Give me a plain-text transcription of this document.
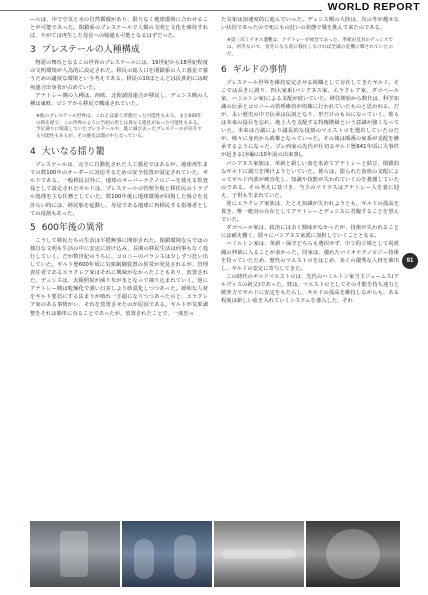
WORLD REPORT

ールは、中で空気と水の自然循環があり、限りなく地球環境に合わせることが可能であった。閉鎖系のプレステールで人類の文明と文化を維持すれば、やがては再生した母星への帰還も可能となるはずだった。

3 プレステールの人種構成

物語の舞台となるこの世界のプレステールには、16世紀から18世紀程度の文明環境が人為的に設定された。移民の総人口を閉鎖系の人工惑星で養うための適度な環境という考えである。移民の10ほとんどは民族的には欧州連合出身者が占めていた。

アナトレー側の人種は、西欧、北欧諸国連合が移民し、デュシス側の人種は東欧、ロシアから移民で構成されていた。

※他のプレステール世界は、これとは違う形態だった可能性もある。また600年の時を経て、この世界のように当初の形とは異なる進化があった可能性もある。予定通りに帰還していたプレステールや、既に滅び去ったプレステールが存在する可能性もあるが、その歴史は闇の中となっている。

4 大いなる揺り籠

プレステールは、完全に自動化された人工惑星ではあるが、地球再生までの数100年のオーダーに対応するための安全装置が設定されていた。ギルドである。一般移民以外に、地球のオーバーテクノロジーを使える監査役として設定されたギルドは、プレステールの管理全般と移住民のトラブル処理を主な任務としていた。数100年後に地球環境が回復した場合を見計らい時には、移民船を起動し、母星である地球に再移民する指導者としての役割もあった。

5 600年後の異常

こうして移民たちの生活は平穏無事に開始された。閉鎖環境ならではの独自な文明も生活の中に安定に溶け込み、長期の移民生活は何事もなく進行していく。だが数世紀のうちに、コロニーのバランスは少しずつ狂い出していた。ギルド歴600年頃に気象制御装置の異常が発見されるが、管理責任者であるエラクレア家はそれに興味がなかったこともあり、放置された。デュシスは、太陽照射が減り氷が氷となって凍り込まれていく。逆にアナトレー側は乾燥化で強い日差しより砂漠化しつつあった。緩和な人材をギルド要員にする法まりが喰れ一手頭になりつつあったのと、エラクレア家のある事情がい、それを放置させたのが原因である。ギルドが気象調整をそれは簡単に直ることであったが、放置されたことで、一度狂っ

た気象は加速度的に進んでいった。デュシス側の大陸は、次の冬が越せない状況であったので死にもの狂いの状態で戦を挑んで来たのである。

※第三次ミテギス遭難は、アナトレーが経営であった。季節が反対のデュシスでは、初冬なので、真冬になる前に移民しなければ全滅の危機に曝されていたのだ。

6 ギルドの事情

プレステール世界を維持安定させる組織として存在してきたギルド。そこでは長きに渡り、四大家系(バシアヌス家、エラクレア家、ダゴベール家、ハミルトン家)による支配が続いていた。移住開始から数代は、科学知識の伝承とコロニーの管理維持が的確に行われていたものと思われる。だが、永い歴史の中で伝承は伝説となり、形だけのものになっていく。彼らは本来の役目を忘れ、地上人を支配する特権階級という意識が強くなっていた。本来は合議により議長的な役割のマエストロを選出していたのだが、検々に身内から政権となっていった。その後は順番の家系が支配を継承するようになった。プレ西家の先代が仕切るギルド歴641年頃に大事件が起きる(本編の10年前の出来事)。

バシアヌス家族は、革新と新しい血を求めてアナトレーと結び、閉鎖的なギルドに風穴を開けようといていた。彼らは、限られた血族の支配によってギルド内部が硬直化し、知識や技能が失われていくのを憂慮していたのである。その考えに基づき、当主のマリウスはアナトレー人を妻に迎え、子供も生まれていた。

逆にエラクレア家族は、たとえ知識が失われようとも、ギルドの孤高を貫き、唯一絶対の存在としてアナトレーとデュシスに君臨することを望んでいた。

ダゴベール家は、政治には余く興味がなかったが、技術が失われることには耐え難く、陰々にバシアヌス家派に加担していくこととなる。

ハミルトン家は、革新・保守どちらも選択せず、中立的立場として両派閥の仲裁に入ることが多かった。同家は、優れたバイオテクノロジー技術を持っていたため、歴代のマエストロをはじめ、多くの優秀な人材を輩出し、ギルドの安定に寄与してきた。

この時代のギルドマエストロは、先代のハミルトン家当主ジェームス(アルヴィスの祖父)であった。彼は、マエストロとしてその才能を持ち達力と統率力でギルドに安定をもたらし、ギルドの孤高を維持しながらも、ある程度は新しい血を入れていくシステムを導入した。それ

91
